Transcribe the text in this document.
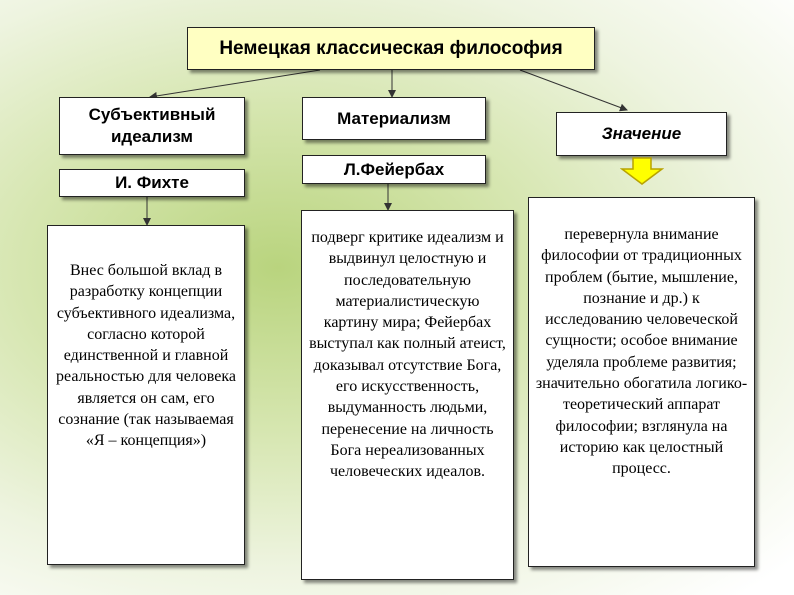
Немецкая классическая философия
Субъективный идеализм
И. Фихте
Внес большой вклад в разработку концепции субъективного идеализма, согласно которой единственной и главной реальностью для человека является он сам, его сознание (так называемая «Я – концепция»)
Материализм
Л.Фейербах
подверг критике идеализм и выдвинул целостную и последовательную материалистическую картину мира; Фейербах выступал как полный атеист, доказывал отсутствие Бога, его искусственность, выдуманность людьми, перенесение на личность Бога нереализованных человеческих идеалов.
Значение
перевернула внимание философии от традиционных проблем (бытие, мышление, познание и др.) к исследованию человеческой сущности; особое внимание уделяла проблеме развития; значительно обогатила логико-теоретический аппарат философии; взглянула на историю как целостный процесс.
